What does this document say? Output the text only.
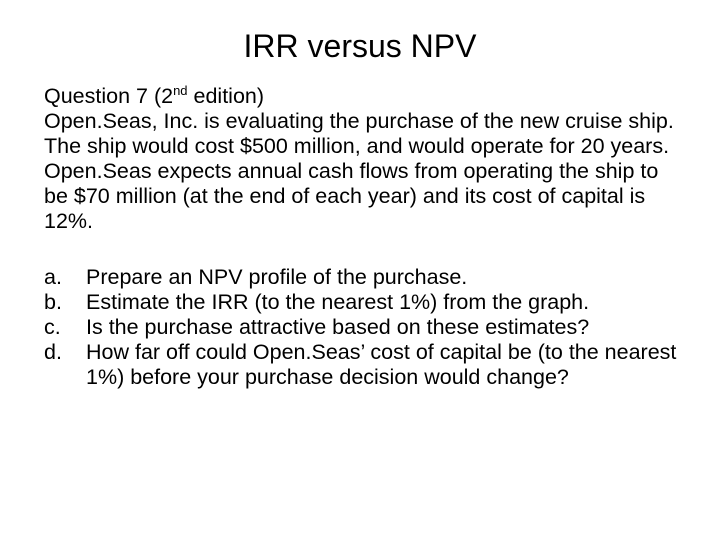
IRR versus NPV

Question 7 (2nd edition)

Open.Seas, Inc. is evaluating the purchase of the new cruise ship. The ship would cost $500 million, and would operate for 20 years. Open.Seas expects annual cash flows from operating the ship to be $70 million (at the end of each year) and its cost of capital is 12%.

a.	Prepare an NPV profile of the purchase.
b.	Estimate the IRR (to the nearest 1%) from the graph.
c.	Is the purchase attractive based on these estimates?
d.	How far off could Open.Seas’ cost of capital be (to the nearest 1%) before your purchase decision would change?
